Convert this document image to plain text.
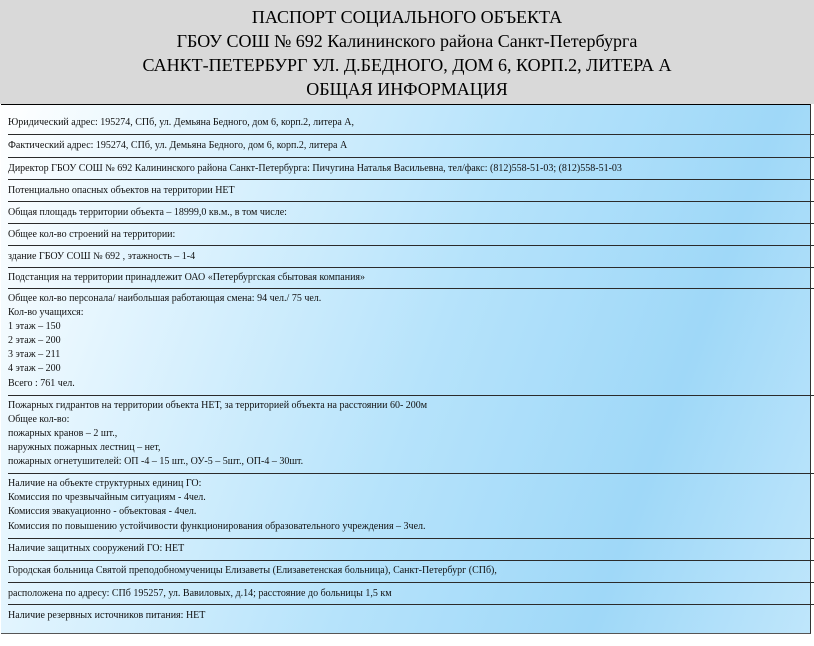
ПАСПОРТ СОЦИАЛЬНОГО ОБЪЕКТА
ГБОУ СОШ № 692 Калининского района Санкт-Петербурга
САНКТ-ПЕТЕРБУРГ УЛ. Д.БЕДНОГО, ДОМ 6, КОРП.2, ЛИТЕРА А
ОБЩАЯ ИНФОРМАЦИЯ
Юридический адрес: 195274, СПб, ул. Демьяна Бедного, дом 6, корп.2, литера А,
Фактический адрес: 195274, СПб, ул. Демьяна Бедного, дом 6, корп.2, литера А
Директор ГБОУ СОШ № 692 Калининского района Санкт-Петербурга: Пичугина Наталья Васильевна, тел/факс: (812)558-51-03; (812)558-51-03
Потенциально опасных объектов на территории НЕТ
Общая площадь территории объекта – 18999,0 кв.м., в том числе:
Общее кол-во строений на территории:
здание ГБОУ СОШ № 692 , этажность – 1-4
Подстанция на территории принадлежит ОАО «Петербургская сбытовая компания»
Общее кол-во персонала/ наибольшая работающая смена: 94 чел./ 75 чел.
Кол-во учащихся:
1 этаж – 150
2 этаж – 200
3 этаж – 211
4 этаж – 200
Всего : 761 чел.
Пожарных гидрантов на территории объекта НЕТ, за территорией объекта на расстоянии 60- 200м
Общее кол-во:
пожарных кранов – 2 шт.,
наружных пожарных лестниц – нет,
пожарных огнетушителей: ОП -4 – 15 шт., ОУ-5 – 5шт., ОП-4 – 30шт.
Наличие на объекте структурных единиц ГО:
Комиссия по чрезвычайным ситуациям - 4чел.
Комиссия эвакуационно - объектовая - 4чел.
Комиссия по повышению устойчивости функционирования образовательного учреждения – 3чел.
Наличие защитных сооружений ГО: НЕТ
Городская больница Святой преподобномученицы Елизаветы (Елизаветенская больница), Санкт-Петербург (СПб),
расположена по адресу: СПб 195257, ул. Вавиловых, д.14; расстояние до больницы 1,5 км
Наличие резервных источников питания: НЕТ
